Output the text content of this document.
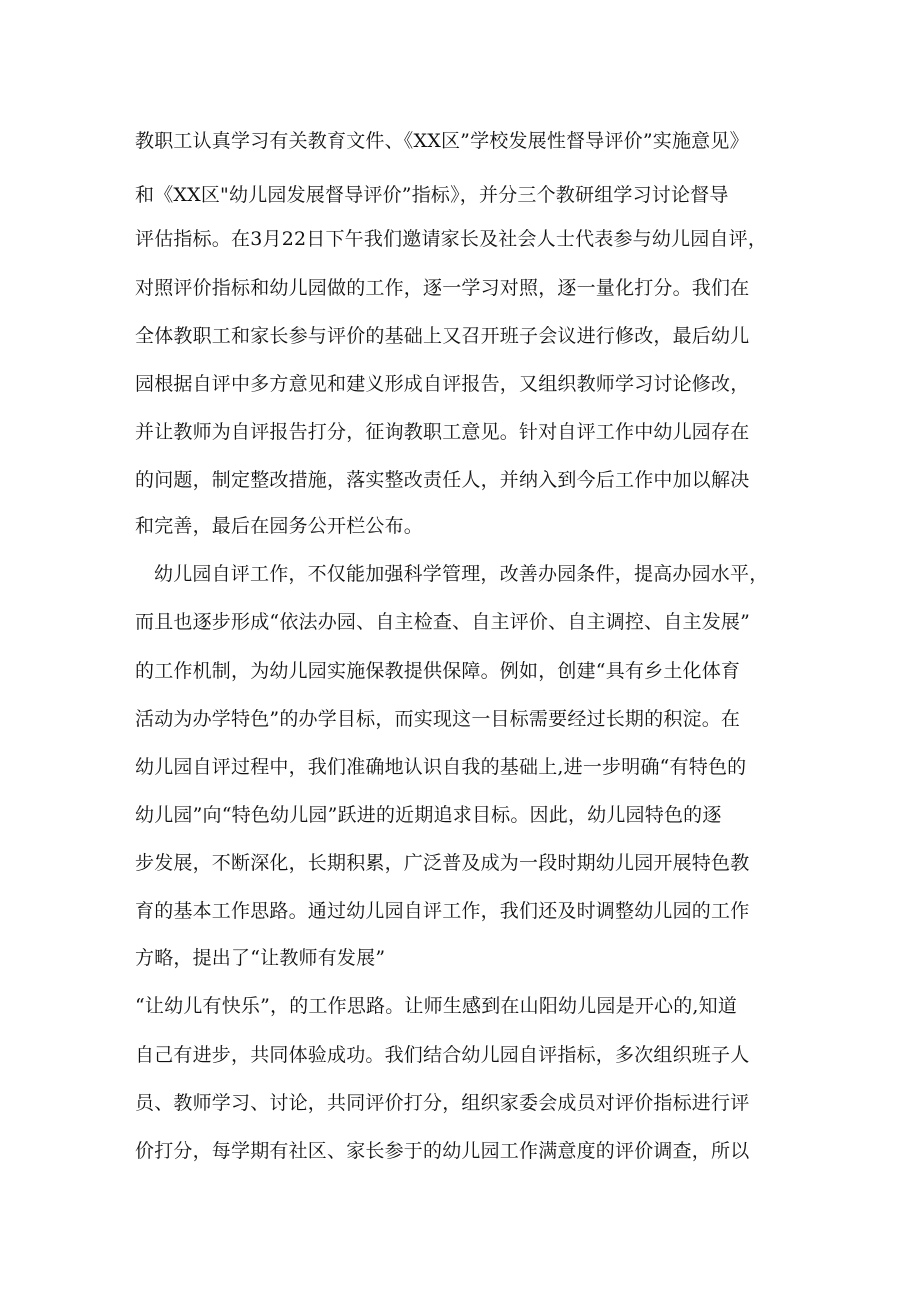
教职工认真学习有关教育文件、《XX区”学校发展性督导评价”实施意见》
和《XX区"幼儿园发展督导评价”指标》，并分三个教研组学习讨论督导
评估指标。在3月22日下午我们邀请家长及社会人士代表参与幼儿园自评，
对照评价指标和幼儿园做的工作，逐一学习对照，逐一量化打分。我们在
全体教职工和家长参与评价的基础上又召开班子会议进行修改，最后幼儿
园根据自评中多方意见和建义形成自评报告，又组织教师学习讨论修改，
并让教师为自评报告打分，征询教职工意见。针对自评工作中幼儿园存在
的问题，制定整改措施，落实整改责任人，并纳入到今后工作中加以解决
和完善，最后在园务公开栏公布。
幼儿园自评工作，不仅能加强科学管理，改善办园条件，提高办园水平，
而且也逐步形成“依法办园、自主检查、自主评价、自主调控、自主发展”
的工作机制，为幼儿园实施保教提供保障。例如，创建“具有乡土化体育
活动为办学特色”的办学目标，而实现这一目标需要经过长期的积淀。在
幼儿园自评过程中，我们准确地认识自我的基础上,进一步明确“有特色的
幼儿园”向“特色幼儿园”跃进的近期追求目标。因此，幼儿园特色的逐
步发展，不断深化，长期积累，广泛普及成为一段时期幼儿园开展特色教
育的基本工作思路。通过幼儿园自评工作，我们还及时调整幼儿园的工作
方略，提出了“让教师有发展”
“让幼儿有快乐”，的工作思路。让师生感到在山阳幼儿园是开心的,知道
自己有进步，共同体验成功。我们结合幼儿园自评指标，多次组织班子人
员、教师学习、讨论，共同评价打分，组织家委会成员对评价指标进行评
价打分，每学期有社区、家长参于的幼儿园工作满意度的评价调查，所以
